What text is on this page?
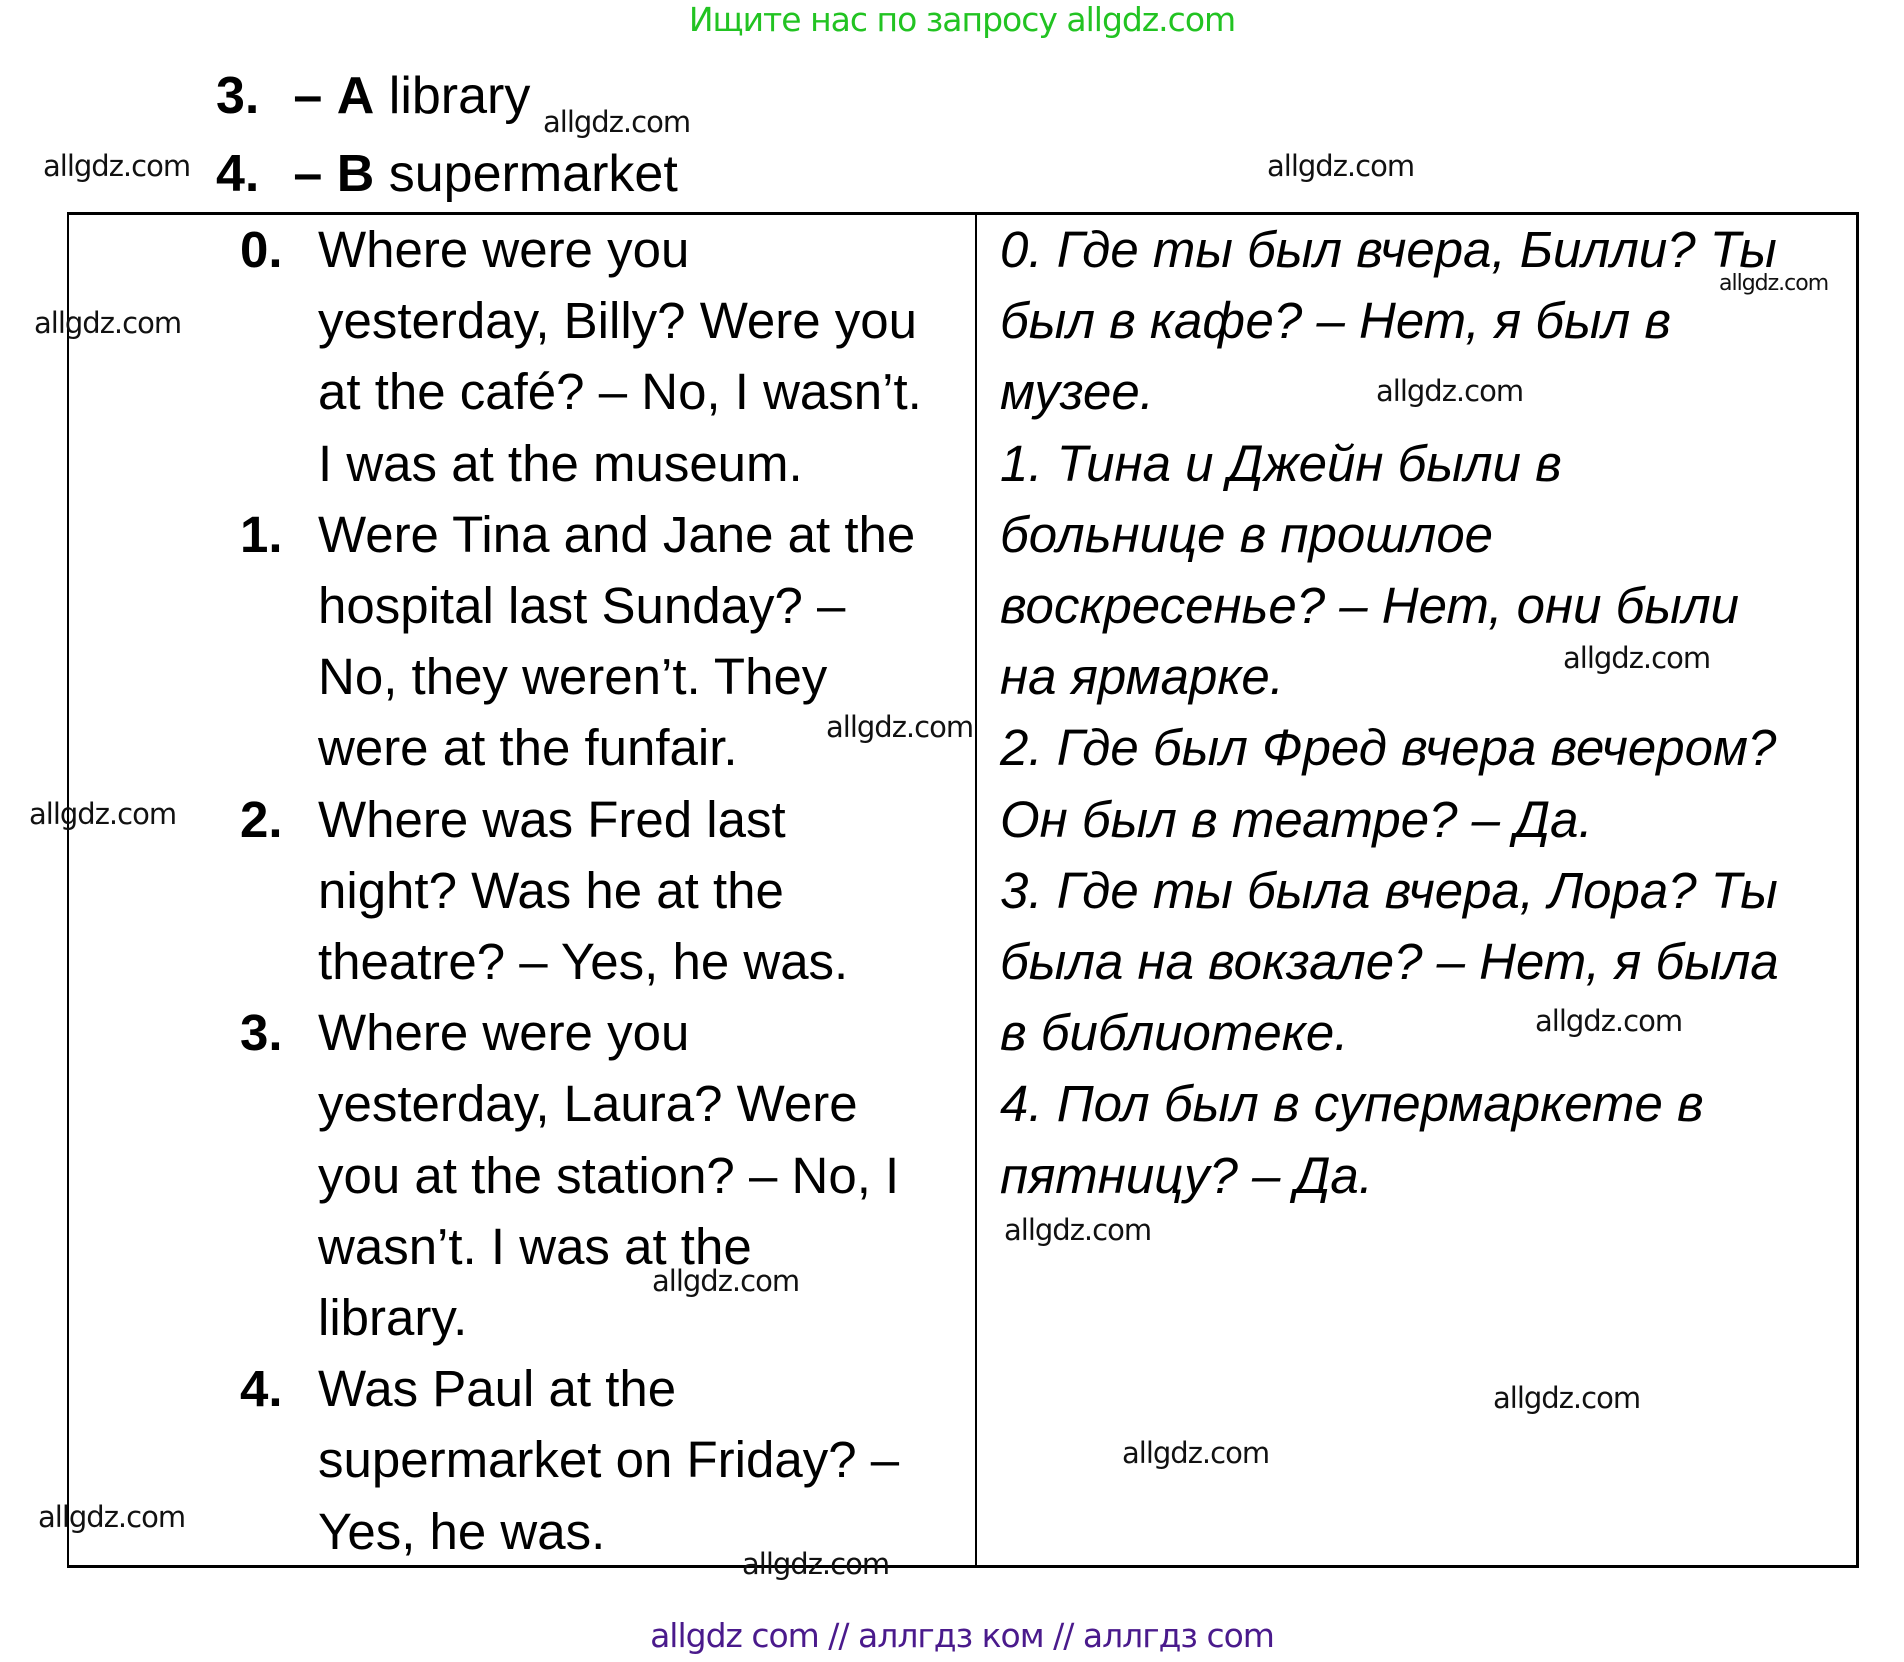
Ищите нас по запросу allgdz.com
3. – A library
4. – B supermarket
0. Where were you
yesterday, Billy? Were you
at the café? – No, I wasn’t.
I was at the museum.
1. Were Tina and Jane at the
hospital last Sunday? –
No, they weren’t. They
were at the funfair.
2. Where was Fred last
night? Was he at the
theatre? – Yes, he was.
3. Where were you
yesterday, Laura? Were
you at the station? – No, I
wasn’t. I was at the
library.
4. Was Paul at the
supermarket on Friday? –
Yes, he was.
0. Где ты был вчера, Билли? Ты
был в кафе? – Нет, я был в
музее.
1. Тина и Джейн были в
больнице в прошлое
воскресенье? – Нет, они были
на ярмарке.
2. Где был Фред вчера вечером?
Он был в театре? – Да.
3. Где ты была вчера, Лора? Ты
была на вокзале? – Нет, я была
в библиотеке.
4. Пол был в супермаркете в
пятницу? – Да.
allgdz.com	allgdz.com
allgdz.com
allgdz.com
allgdz.com
allgdz.com
allgdz.com
allgdz.com
allgdz.com
allgdz.com
allgdz.com
allgdz.com
allgdz.com
allgdz.com
allgdz.com
allgdz.com
allgdz com // аллгдз ком // аллгдз com
